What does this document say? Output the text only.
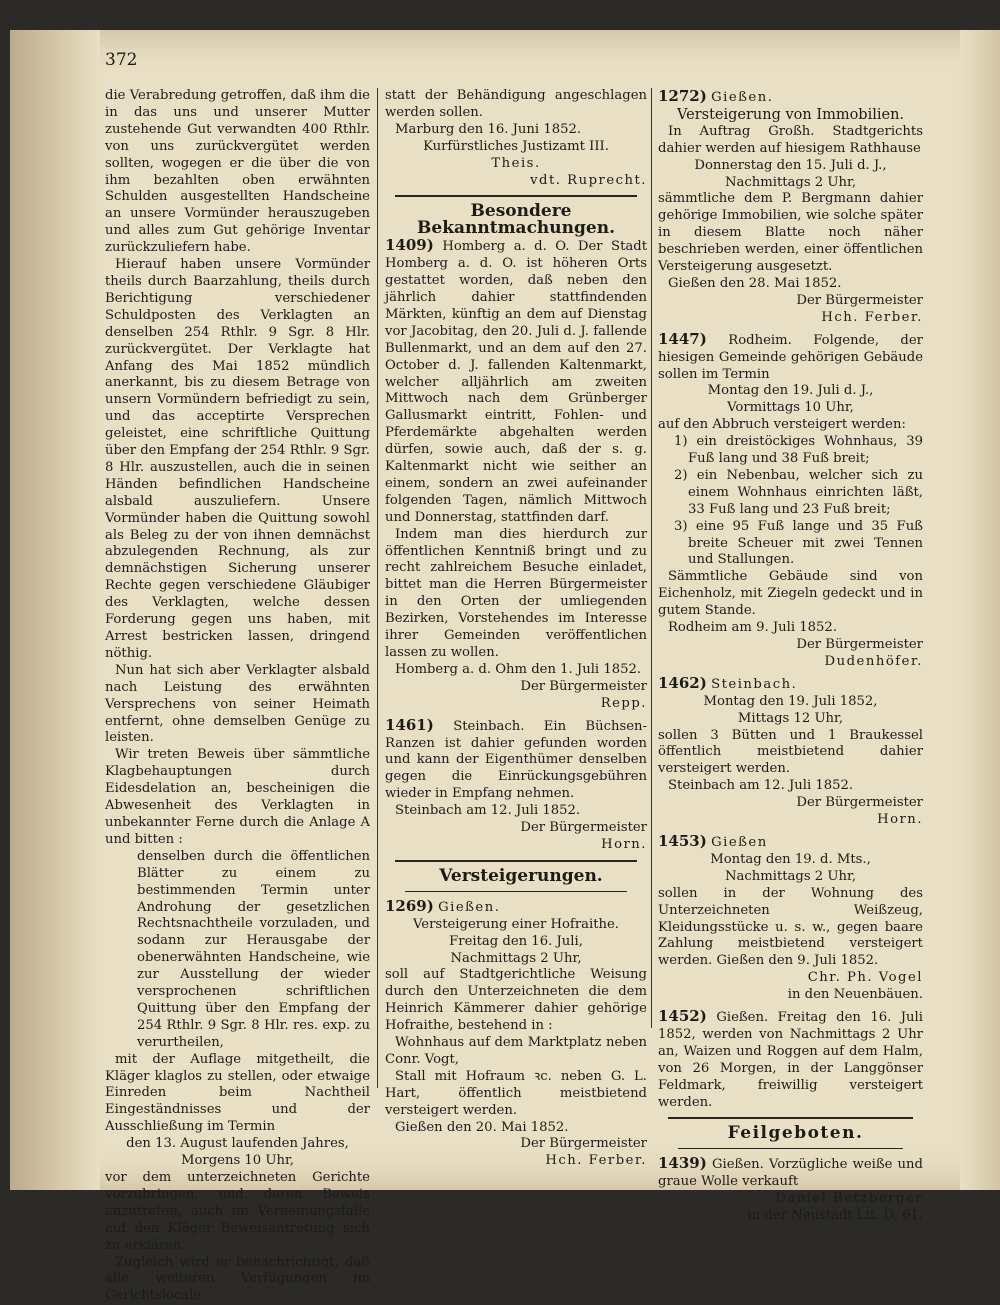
372

die Verabredung getroffen, daß ihm die in das uns und unserer Mutter zustehende Gut verwandten 400 Rthlr. von uns zurückvergütet werden sollten, wogegen er die über die von ihm bezahlten oben erwähnten Schulden ausgestellten Handscheine an unsere Vormünder herauszugeben und alles zum Gut gehörige Inventar zurückzuliefern habe.

Hierauf haben unsere Vormünder theils durch Baarzahlung, theils durch Berichtigung verschiedener Schuldposten des Verklagten an denselben 254 Rthlr. 9 Sgr. 8 Hlr. zurückvergütet. Der Verklagte hat Anfang des Mai 1852 mündlich anerkannt, bis zu diesem Betrage von unsern Vormündern befriedigt zu sein, und das acceptirte Versprechen geleistet, eine schriftliche Quittung über den Empfang der 254 Rthlr. 9 Sgr. 8 Hlr. auszustellen, auch die in seinen Händen befindlichen Handscheine alsbald auszuliefern. Unsere Vormünder haben die Quittung sowohl als Beleg zu der von ihnen demnächst abzulegenden Rechnung, als zur demnächstigen Sicherung unserer Rechte gegen verschiedene Gläubiger des Verklagten, welche dessen Forderung gegen uns haben, mit Arrest bestricken lassen, dringend nöthig.

Nun hat sich aber Verklagter alsbald nach Leistung des erwähnten Versprechens von seiner Heimath entfernt, ohne demselben Genüge zu leisten.

Wir treten Beweis über sämmtliche Klagbehauptungen durch Eidesdelation an, bescheinigen die Abwesenheit des Verklagten in unbekannter Ferne durch die Anlage A und bitten :

denselben durch die öffentlichen Blätter zu einem zu bestimmenden Termin unter Androhung der gesetzlichen Rechtsnachtheile vorzuladen, und sodann zur Herausgabe der obenerwähnten Handscheine, wie zur Ausstellung der wieder versprochenen schriftlichen Quittung über den Empfang der 254 Rthlr. 9 Sgr. 8 Hlr. res. exp. zu verurtheilen,

mit der Auflage mitgetheilt, die Kläger klaglos zu stellen, oder etwaige Einreden beim Nachtheil Eingeständnisses und der Ausschließung im Termin

den 13. August laufenden Jahres,

Morgens 10 Uhr,

vor dem unterzeichneten Gerichte vorzubringen, und deren Beweis anzutreten, auch im Verneinungsfalle auf den Kläger Beweisantretung sich zu erklären.

Zugleich wird er benachrichtigt, daß alle weiteren Verfügungen im Gerichtslocale

statt der Behändigung angeschlagen werden sollen.

Marburg den 16. Juni 1852.

Kurfürstliches Justizamt III.

Theis.

vdt. Ruprecht.

Besondere Bekanntmachungen.

1409) Homberg a. d. O. Der Stadt Homberg a. d. O. ist höheren Orts gestattet worden, daß neben den jährlich dahier stattfindenden Märkten, künftig an dem auf Dienstag vor Jacobitag, den 20. Juli d. J. fallende Bullenmarkt, und an dem auf den 27. October d. J. fallenden Kaltenmarkt, welcher alljährlich am zweiten Mittwoch nach dem Grünberger Gallusmarkt eintritt, Fohlen- und Pferdemärkte abgehalten werden dürfen, sowie auch, daß der s. g. Kaltenmarkt nicht wie seither an einem, sondern an zwei aufeinander folgenden Tagen, nämlich Mittwoch und Donnerstag, stattfinden darf.

Indem man dies hierdurch zur öffentlichen Kenntniß bringt und zu recht zahlreichem Besuche einladet, bittet man die Herren Bürgermeister in den Orten der umliegenden Bezirken, Vorstehendes im Interesse ihrer Gemeinden veröffentlichen lassen zu wollen.

Homberg a. d. Ohm den 1. Juli 1852.

Der Bürgermeister

Repp.

1461) Steinbach. Ein Büchsen-Ranzen ist dahier gefunden worden und kann der Eigenthümer denselben gegen die Einrückungsgebühren wieder in Empfang nehmen.

Steinbach am 12. Juli 1852.

Der Bürgermeister

Horn.

Versteigerungen.

1269) Gießen.

Versteigerung einer Hofraithe.

Freitag den 16. Juli,

Nachmittags 2 Uhr,

soll auf Stadtgerichtliche Weisung durch den Unterzeichneten die dem Heinrich Kämmerer dahier gehörige Hofraithe, bestehend in :

Wohnhaus auf dem Marktplatz neben Conr. Vogt,

Stall mit Hofraum ꝛc. neben G. L. Hart, öffentlich meistbietend versteigert werden.

Gießen den 20. Mai 1852.

Der Bürgermeister

Hch. Ferber.

1272) Gießen.

Versteigerung von Immobilien.

In Auftrag Großh. Stadtgerichts dahier werden auf hiesigem Rathhause

Donnerstag den 15. Juli d. J.,

Nachmittags 2 Uhr,

sämmtliche dem P. Bergmann dahier gehörige Immobilien, wie solche später in diesem Blatte noch näher beschrieben werden, einer öffentlichen Versteigerung ausgesetzt.

Gießen den 28. Mai 1852.

Der Bürgermeister

Hch. Ferber.

1447) Rodheim. Folgende, der hiesigen Gemeinde gehörigen Gebäude sollen im Termin

Montag den 19. Juli d. J.,

Vormittags 10 Uhr,

auf den Abbruch versteigert werden:

1) ein dreistöckiges Wohnhaus, 39 Fuß lang und 38 Fuß breit;

2) ein Nebenbau, welcher sich zu einem Wohnhaus einrichten läßt, 33 Fuß lang und 23 Fuß breit;

3) eine 95 Fuß lange und 35 Fuß breite Scheuer mit zwei Tennen und Stallungen.

Sämmtliche Gebäude sind von Eichenholz, mit Ziegeln gedeckt und in gutem Stande.

Rodheim am 9. Juli 1852.

Der Bürgermeister

Dudenhöfer.

1462) Steinbach.

Montag den 19. Juli 1852,

Mittags 12 Uhr,

sollen 3 Bütten und 1 Braukessel öffentlich meistbietend dahier versteigert werden.

Steinbach am 12. Juli 1852.

Der Bürgermeister

Horn.

1453) Gießen

Montag den 19. d. Mts.,

Nachmittags 2 Uhr,

sollen in der Wohnung des Unterzeichneten Weißzeug, Kleidungsstücke u. s. w., gegen baare Zahlung meistbietend versteigert werden. Gießen den 9. Juli 1852.

Chr. Ph. Vogel

in den Neuenbäuen.

1452) Gießen. Freitag den 16. Juli 1852, werden von Nachmittags 2 Uhr an, Waizen und Roggen auf dem Halm, von 26 Morgen, in der Langgönser Feldmark, freiwillig versteigert werden.

Feilgeboten.

1439) Gießen. Vorzügliche weiße und graue Wolle verkauft

Daniel Betzberger

in der Neustadt Lit. D. 61.
